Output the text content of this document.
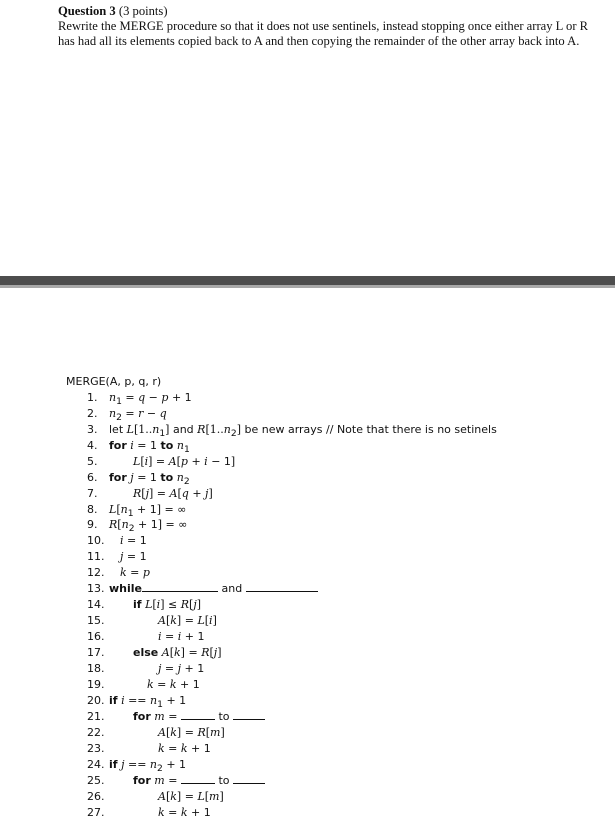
Question 3 (3 points)
Rewrite the MERGE procedure so that it does not use sentinels, instead stopping once either array L or R has had all its elements copied back to A and then copying the remainder of the other array back into A.
MERGE(A, p, q, r)
1.
2.
3.
4.
5.
6.
7.
8.
9.
10.
11.
12.
13.
14.
15.
16.
17.
18.
19.
20.
21.
22.
23.
24.
25.
26.
27.
$n_1 = q - p + 1$
$n_2 = r - q$
let $L[1..n_1]$ and $R[1..n_2]$ be new arrays // Note that there is no setinels
for i = 1 to $n_1$
L[i] = A[p + i − 1]
for j = 1 to $n_2$
R[j] = A[q + j]
$L[n_1 + 1]$ = ∞
$R[n_2 + 1]$ = ∞
i = 1
j = 1
k = p
while	and
if L[i] ≤ R[j]
A[k] = L[i]
i = i + 1
else A[k] = R[j]
j = j + 1
k = k + 1
if $i == n_1 + 1$
for m =	to
A[k] = R[m]
k = k + 1
if $j == n_2 + 1$
for m =	to
A[k] = L[m]
k = k + 1
